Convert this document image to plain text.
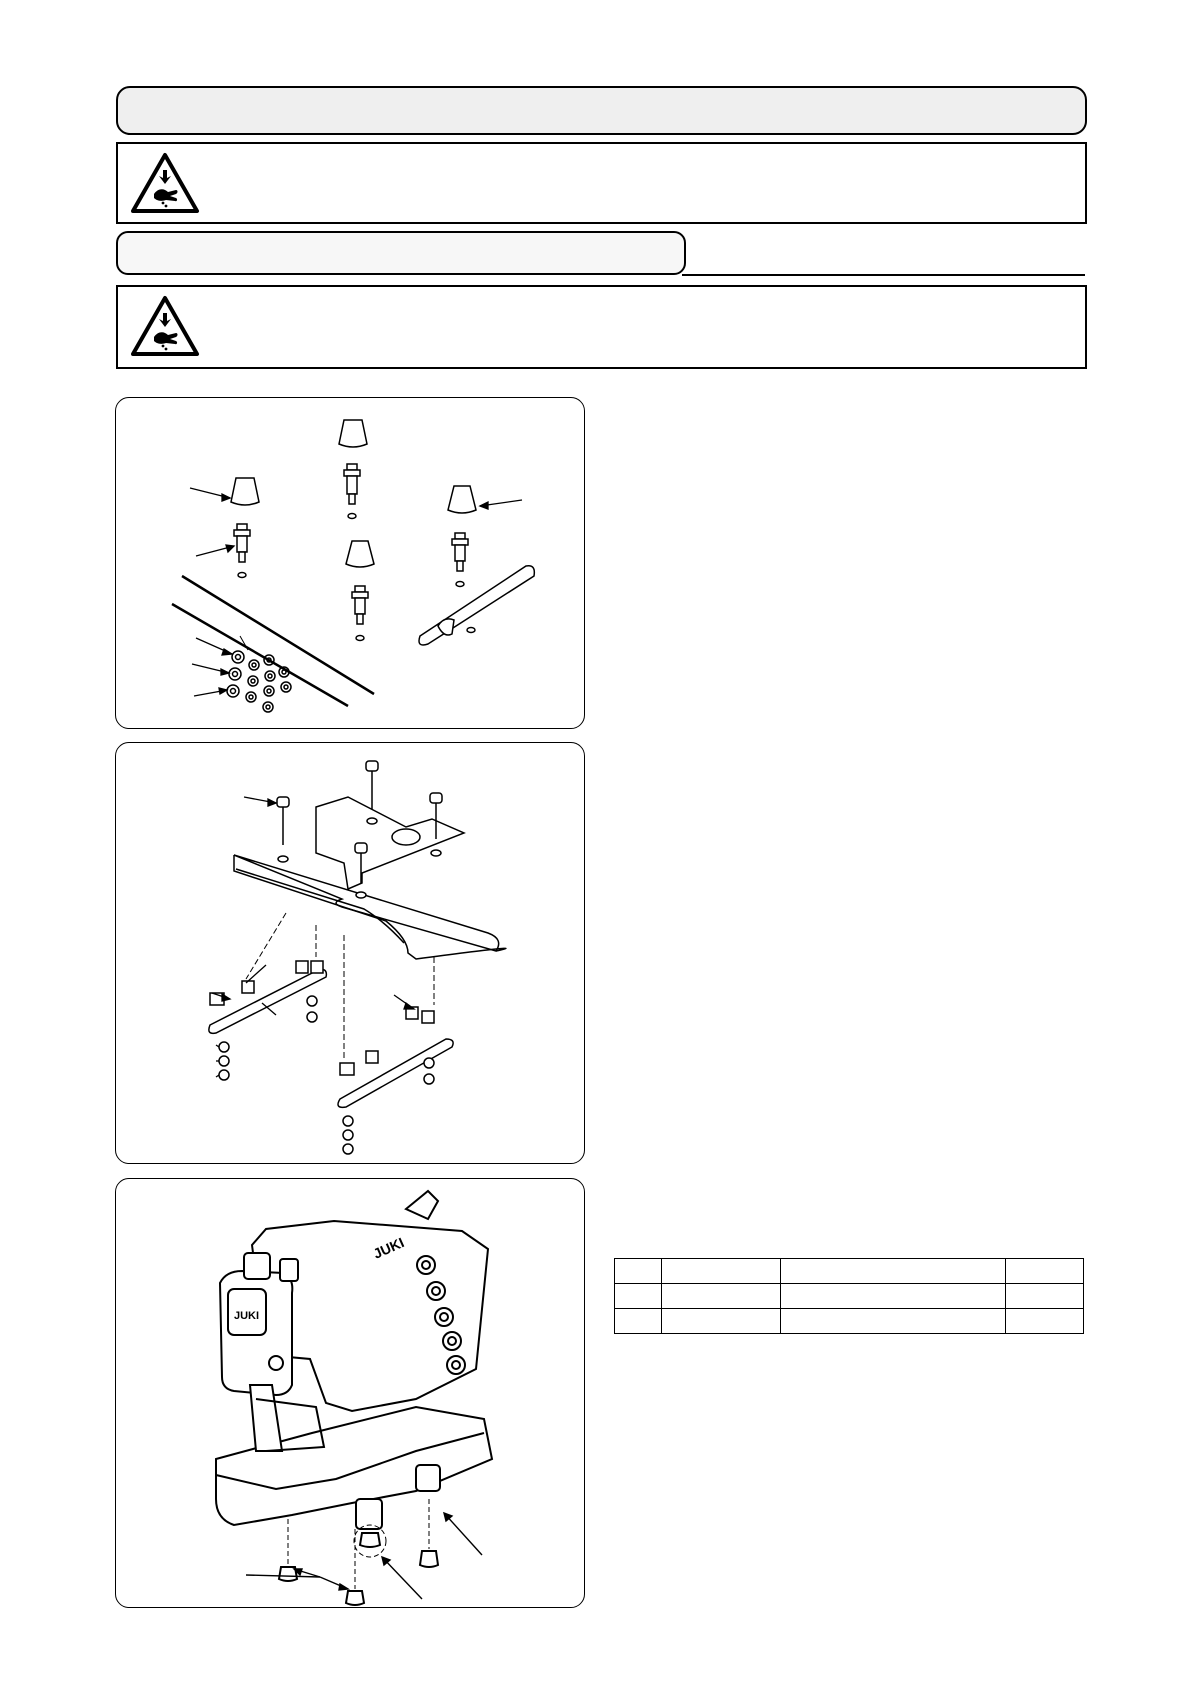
JUKI
JUKI
